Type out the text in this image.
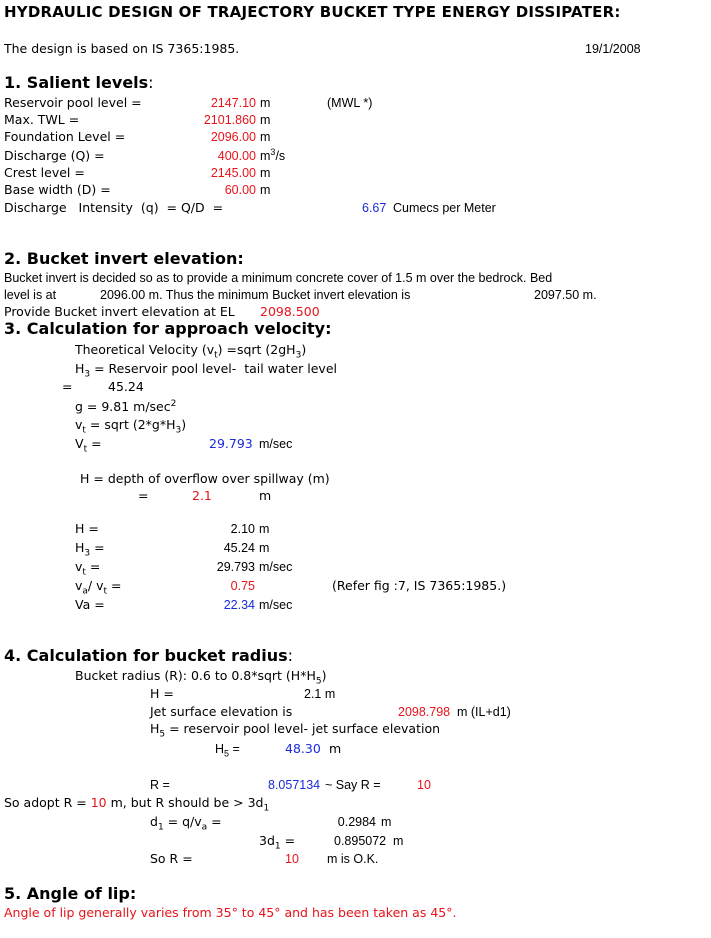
HYDRAULIC DESIGN OF TRAJECTORY BUCKET TYPE ENERGY DISSIPATER:
The design is based on IS 7365:1985.	19/1/2008
1. Salient levels:
Reservoir pool level =	2147.10 m	(MWL *)
Max. TWL =	2101.860 m
Foundation Level =	2096.00 m
Discharge (Q) =	400.00 $m^3/s$
Crest level =	2145.00 m
Base width (D) =	60.00 m
Discharge   Intensity  (q)  = Q/D  =	6.67 Cumecs per Meter
2. Bucket invert elevation:
Bucket invert is decided so as to provide a minimum concrete cover of 1.5 m over the bedrock. Bed
level is at	2096.00 m. Thus the minimum Bucket invert elevation is	2097.50 m.
Provide Bucket invert elevation at EL 2098.500
3. Calculation for approach velocity:
Theoretical Velocity $(v_t)$ =sqrt $(2gH_3)$
$H_3$ = Reservoir pool level-  tail water level
=	45.24
g = 9.81 $m/\sec^2$
$v_t$ = sqrt $(2*g*H_3)$
$V_t$ =	29.793 m/sec
H = depth of overflow over spillway (m)
=	2.1	m
H =	2.10 m
$H_3$ =	45.24 m
$v_t$ =	29.793 m/sec
$v_a/$ $v_t$ =	0.75	(Refer fig :7, IS 7365:1985.)
Va =	22.34 m/sec
4. Calculation for bucket radius:
Bucket radius (R): 0.6 to 0.8*sqrt $(H*H_5)$
H =	2.1 m
Jet surface elevation is	2098.798 m (IL+d1)
$H_5$ = reservoir pool level- jet surface elevation
$H_5$ =	48.30 m
R =	8.057134 ~ Say R =	10
So adopt R = 10 m, but R should be > $3d_1$
$d_1 = q/v_a$ =	0.2984 m
$3d_1$ =	0.895072 m
So R =	10 m is O.K.
5. Angle of lip:
Angle of lip generally varies from 35° to 45° and has been taken as 45°.
